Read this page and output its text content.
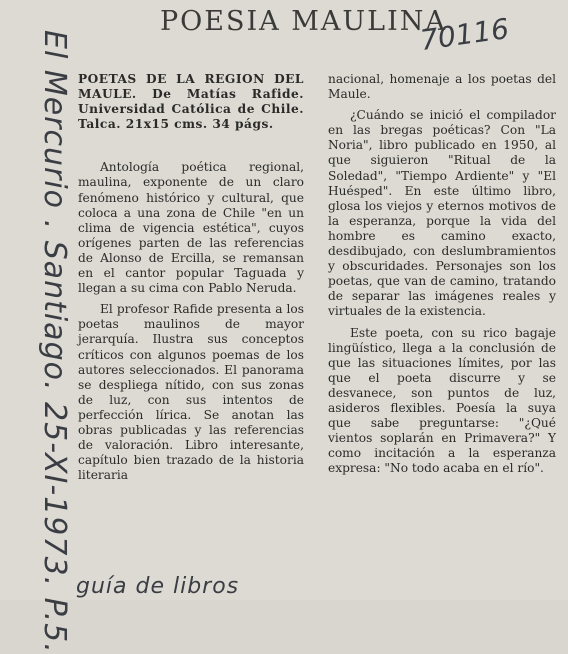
POESIA MAULINA

POETAS DE LA REGION DEL MAULE. De Matías Rafide. Universidad Católica de Chile. Talca. 21x15 cms. 34 págs.

Antología poética regional, maulina, exponente de un claro fenómeno histórico y cultural, que coloca a una zona de Chile "en un clima de vigencia estética", cuyos orígenes parten de las referencias de Alonso de Ercilla, se remansan en el cantor popular Taguada y llegan a su cima con Pablo Neruda.

El profesor Rafide presenta a los poetas maulinos de mayor jerarquía. Ilustra sus conceptos críticos con algunos poemas de los autores seleccionados. El panorama se despliega nítido, con sus zonas de luz, con sus intentos de perfección lírica. Se anotan las obras publicadas y las referencias de valoración. Libro interesante, capítulo bien trazado de la historia literaria

nacional, homenaje a los poetas del Maule.

¿Cuándo se inició el compilador en las bregas poéticas? Con "La Noria", libro publicado en 1950, al que siguieron "Ritual de la Soledad", "Tiempo Ardiente" y "El Huésped". En este último libro, glosa los viejos y eternos motivos de la esperanza, porque la vida del hombre es camino exacto, desdibujado, con deslumbramientos y obscuridades. Personajes son los poetas, que van de camino, tratando de separar las imágenes reales y virtuales de la existencia.

Este poeta, con su rico bagaje lingüístico, llega a la conclusión de que las situaciones límites, por las que el poeta discurre y se desvanece, son puntos de luz, asideros flexibles. Poesía la suya que sabe preguntarse: "¿Qué vientos soplarán en Primavera?" Y como incitación a la esperanza expresa: "No todo acaba en el río".

El Mercurio . Santiago. 25-XI-1973. P.5.	70116
guía de libros
